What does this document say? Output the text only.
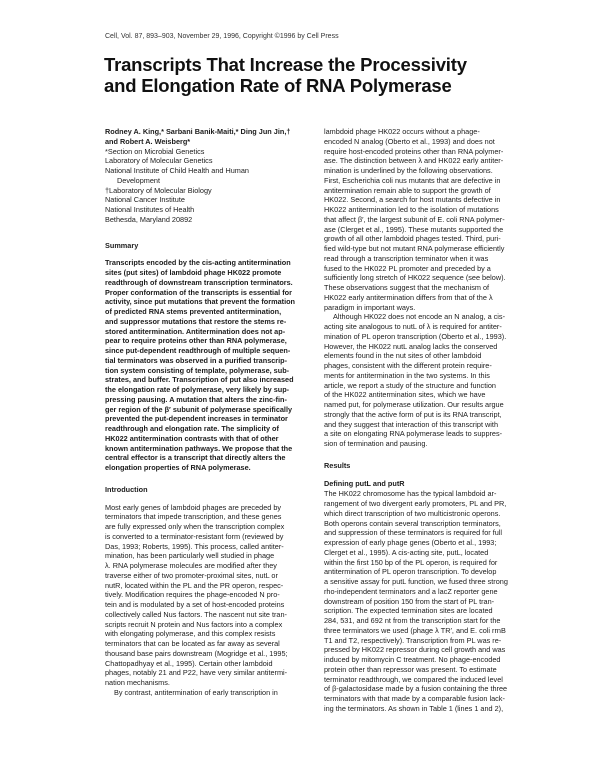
Cell, Vol. 87, 893–903, November 29, 1996, Copyright ©1996 by Cell Press
Transcripts That Increase the Processivity
and Elongation Rate of RNA Polymerase
Rodney A. King,* Sarbani Banik-Maiti,* Ding Jun Jin,†
and Robert A. Weisberg*
*Section on Microbial Genetics
Laboratory of Molecular Genetics
National Institute of Child Health and Human
Development
†Laboratory of Molecular Biology
National Cancer Institute
National Institutes of Health
Bethesda, Maryland 20892
Summary
Transcripts encoded by the cis-acting antitermination
sites (put sites) of lambdoid phage HK022 promote
readthrough of downstream transcription terminators.
Proper conformation of the transcripts is essential for
activity, since put mutations that prevent the formation
of predicted RNA stems prevented antitermination,
and suppressor mutations that restore the stems re-
stored antitermination. Antitermination does not ap-
pear to require proteins other than RNA polymerase,
since put-dependent readthrough of multiple sequen-
tial terminators was observed in a purified transcrip-
tion system consisting of template, polymerase, sub-
strates, and buffer. Transcription of put also increased
the elongation rate of polymerase, very likely by sup-
pressing pausing. A mutation that alters the zinc-fin-
ger region of the β′ subunit of polymerase specifically
prevented the put-dependent increases in terminator
readthrough and elongation rate. The simplicity of
HK022 antitermination contrasts with that of other
known antitermination pathways. We propose that the
central effector is a transcript that directly alters the
elongation properties of RNA polymerase.
Introduction
Most early genes of lambdoid phages are preceded by
terminators that impede transcription, and these genes
are fully expressed only when the transcription complex
is converted to a terminator-resistant form (reviewed by
Das, 1993; Roberts, 1995). This process, called antiter-
mination, has been particularly well studied in phage
λ. RNA polymerase molecules are modified after they
traverse either of two promoter-proximal sites, nutL or
nutR, located within the PL and the PR operon, respec-
tively. Modification requires the phage-encoded N pro-
tein and is modulated by a set of host-encoded proteins
collectively called Nus factors. The nascent nut site tran-
scripts recruit N protein and Nus factors into a complex
with elongating polymerase, and this complex resists
terminators that can be located as far away as several
thousand base pairs downstream (Mogridge et al., 1995;
Chattopadhyay et al., 1995). Certain other lambdoid
phages, notably 21 and P22, have very similar antitermi-
nation mechanisms.
By contrast, antitermination of early transcription in
lambdoid phage HK022 occurs without a phage-
encoded N analog (Oberto et al., 1993) and does not
require host-encoded proteins other than RNA polymer-
ase. The distinction between λ and HK022 early antiter-
mination is underlined by the following observations.
First, Escherichia coli nus mutants that are defective in
antitermination remain able to support the growth of
HK022. Second, a search for host mutants defective in
HK022 antitermination led to the isolation of mutations
that affect β′, the largest subunit of E. coli RNA polymer-
ase (Clerget et al., 1995). These mutants supported the
growth of all other lambdoid phages tested. Third, puri-
fied wild-type but not mutant RNA polymerase efficiently
read through a transcription terminator when it was
fused to the HK022 PL promoter and preceded by a
sufficiently long stretch of HK022 sequence (see below).
These observations suggest that the mechanism of
HK022 early antitermination differs from that of the λ
paradigm in important ways.
Although HK022 does not encode an N analog, a cis-
acting site analogous to nutL of λ is required for antiter-
mination of PL operon transcription (Oberto et al., 1993).
However, the HK022 nutL analog lacks the conserved
elements found in the nut sites of other lambdoid
phages, consistent with the different protein require-
ments for antitermination in the two systems. In this
article, we report a study of the structure and function
of the HK022 antitermination sites, which we have
named put, for polymerase utilization. Our results argue
strongly that the active form of put is its RNA transcript,
and they suggest that interaction of this transcript with
a site on elongating RNA polymerase leads to suppres-
sion of termination and pausing.
Results
Defining putL and putR
The HK022 chromosome has the typical lambdoid ar-
rangement of two divergent early promoters, PL and PR,
which direct transcription of two multicistronic operons.
Both operons contain several transcription terminators,
and suppression of these terminators is required for full
expression of early phage genes (Oberto et al., 1993;
Clerget et al., 1995). A cis-acting site, putL, located
within the first 150 bp of the PL operon, is required for
antitermination of PL operon transcription. To develop
a sensitive assay for putL function, we fused three strong
rho-independent terminators and a lacZ reporter gene
downstream of position 150 from the start of PL tran-
scription. The expected termination sites are located
284, 531, and 692 nt from the transcription start for the
three terminators we used (phage λ TR′, and E. coli rrnB
T1 and T2, respectively). Transcription from PL was re-
pressed by HK022 repressor during cell growth and was
induced by mitomycin C treatment. No phage-encoded
protein other than repressor was present. To estimate
terminator readthrough, we compared the induced level
of β-galactosidase made by a fusion containing the three
terminators with that made by a comparable fusion lack-
ing the terminators. As shown in Table 1 (lines 1 and 2),
